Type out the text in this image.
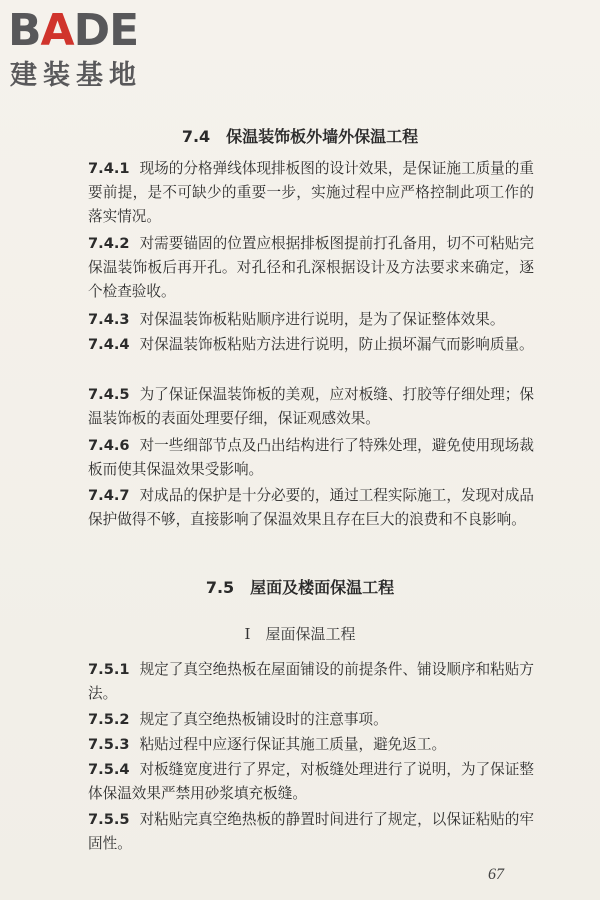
BADE
建装基地
7.4　保温装饰板外墙外保温工程
7.4.1 现场的分格弹线体现排板图的设计效果，是保证施工质量的重要前提，是不可缺少的重要一步，实施过程中应严格控制此项工作的落实情况。
7.4.2 对需要锚固的位置应根据排板图提前打孔备用，切不可粘贴完保温装饰板后再开孔。对孔径和孔深根据设计及方法要求来确定，逐个检查验收。
7.4.3 对保温装饰板粘贴顺序进行说明，是为了保证整体效果。
7.4.4 对保温装饰板粘贴方法进行说明，防止损坏漏气而影响质量。
7.4.5 为了保证保温装饰板的美观，应对板缝、打胶等仔细处理；保温装饰板的表面处理要仔细，保证观感效果。
7.4.6 对一些细部节点及凸出结构进行了特殊处理，避免使用现场裁板而使其保温效果受影响。
7.4.7 对成品的保护是十分必要的，通过工程实际施工，发现对成品保护做得不够，直接影响了保温效果且存在巨大的浪费和不良影响。
7.5　屋面及楼面保温工程
Ⅰ　屋面保温工程
7.5.1 规定了真空绝热板在屋面铺设的前提条件、铺设顺序和粘贴方法。
7.5.2 规定了真空绝热板铺设时的注意事项。
7.5.3 粘贴过程中应逐行保证其施工质量，避免返工。
7.5.4 对板缝宽度进行了界定，对板缝处理进行了说明，为了保证整体保温效果严禁用砂浆填充板缝。
7.5.5 对粘贴完真空绝热板的静置时间进行了规定，以保证粘贴的牢固性。
67
